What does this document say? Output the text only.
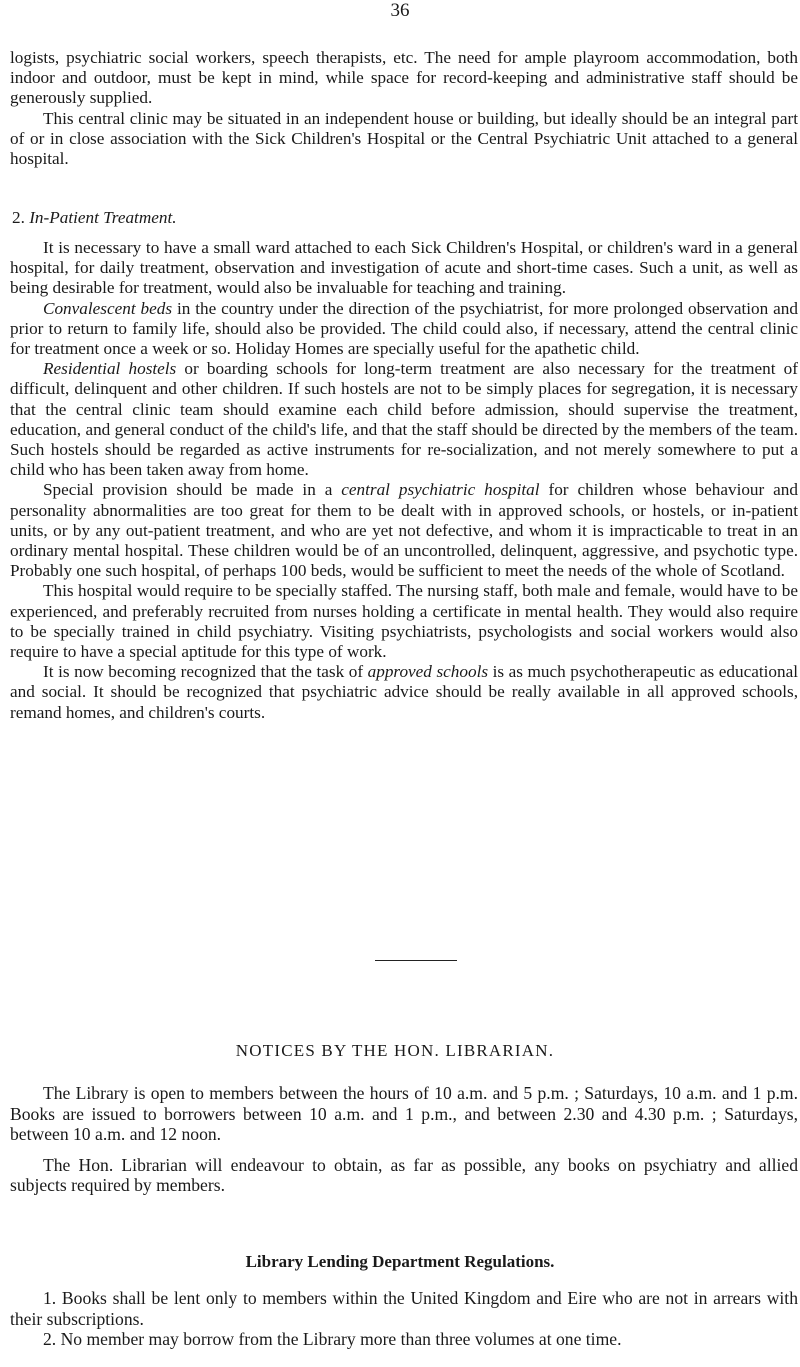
36

logists, psychiatric social workers, speech therapists, etc. The need for ample playroom accommodation, both indoor and outdoor, must be kept in mind, while space for record-keeping and administrative staff should be generously supplied.

This central clinic may be situated in an independent house or building, but ideally should be an integral part of or in close association with the Sick Children's Hospital or the Central Psychiatric Unit attached to a general hospital.

2. In-Patient Treatment.

It is necessary to have a small ward attached to each Sick Children's Hospital, or children's ward in a general hospital, for daily treatment, observation and investigation of acute and short-time cases. Such a unit, as well as being desirable for treatment, would also be invaluable for teaching and training.

Convalescent beds in the country under the direction of the psychiatrist, for more prolonged observation and prior to return to family life, should also be provided. The child could also, if necessary, attend the central clinic for treatment once a week or so. Holiday Homes are specially useful for the apathetic child.

Residential hostels or boarding schools for long-term treatment are also necessary for the treatment of difficult, delinquent and other children. If such hostels are not to be simply places for segregation, it is necessary that the central clinic team should examine each child before admission, should supervise the treatment, education, and general conduct of the child's life, and that the staff should be directed by the members of the team. Such hostels should be regarded as active instruments for re-socialization, and not merely somewhere to put a child who has been taken away from home.

Special provision should be made in a central psychiatric hospital for children whose behaviour and personality abnormalities are too great for them to be dealt with in approved schools, or hostels, or in-patient units, or by any out-patient treatment, and who are yet not defective, and whom it is impracticable to treat in an ordinary mental hospital. These children would be of an uncontrolled, delinquent, aggressive, and psychotic type. Probably one such hospital, of perhaps 100 beds, would be sufficient to meet the needs of the whole of Scotland.

This hospital would require to be specially staffed. The nursing staff, both male and female, would have to be experienced, and preferably recruited from nurses holding a certificate in mental health. They would also require to be specially trained in child psychiatry. Visiting psychiatrists, psychologists and social workers would also require to have a special aptitude for this type of work.

It is now becoming recognized that the task of approved schools is as much psychotherapeutic as educational and social. It should be recognized that psychiatric advice should be really available in all approved schools, remand homes, and children's courts.

NOTICES BY THE HON. LIBRARIAN.

The Library is open to members between the hours of 10 a.m. and 5 p.m. ; Saturdays, 10 a.m. and 1 p.m. Books are issued to borrowers between 10 a.m. and 1 p.m., and between 2.30 and 4.30 p.m. ; Saturdays, between 10 a.m. and 12 noon.

The Hon. Librarian will endeavour to obtain, as far as possible, any books on psychiatry and allied subjects required by members.

Library Lending Department Regulations.

1. Books shall be lent only to members within the United Kingdom and Eire who are not in arrears with their subscriptions.

2. No member may borrow from the Library more than three volumes at one time.
